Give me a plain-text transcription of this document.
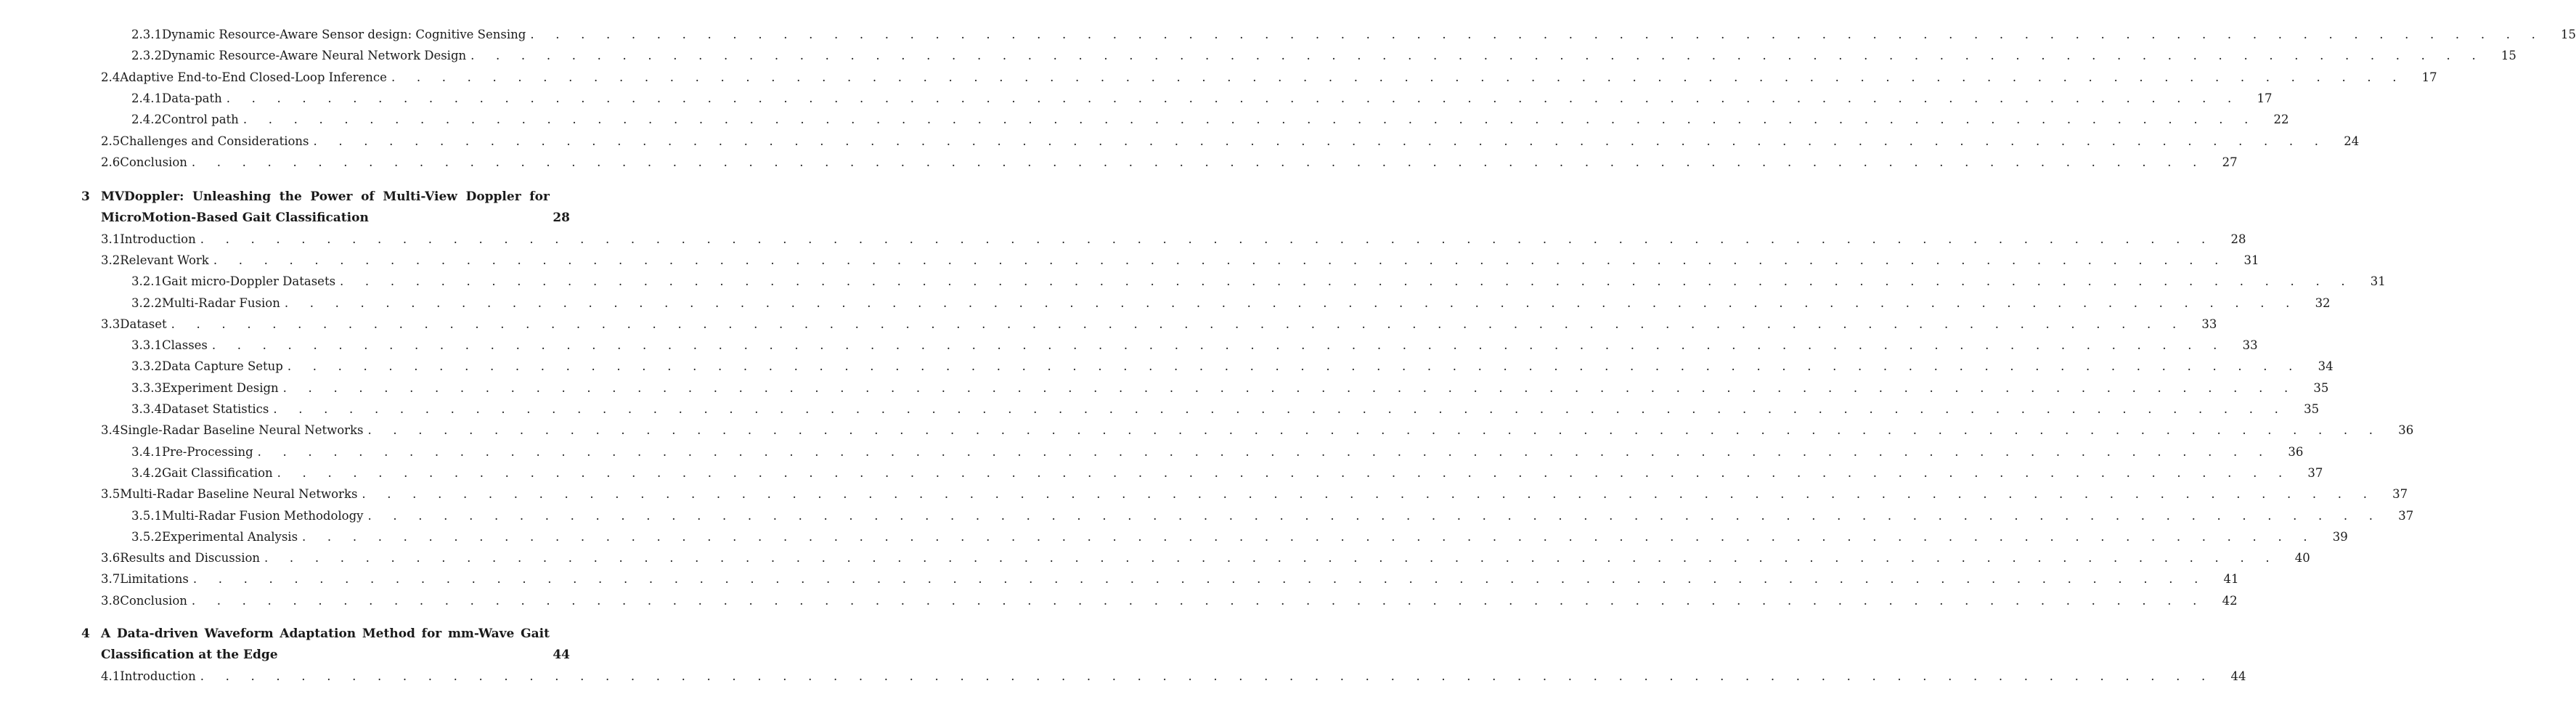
2.3.1 Dynamic Resource-Aware Sensor design: Cognitive Sensing . . . . . . . . . . . . . . . . . . . . . . . . . . . . . . . . . . . . . . . . . . . . . . . . . . . . . . . . . . . . . . . . . . . . . . . . . . . . . . . .	15
2.3.2 Dynamic Resource-Aware Neural Network Design . . . . . . . . . . . . . . . . . . . . . . . . . . . . . . . . . . . . . . . . . . . . . . . . . . . . . . . . . . . . . . . . . . . . . . . . . . . . . . . .	15
2.4 Adaptive End-to-End Closed-Loop Inference . . . . . . . . . . . . . . . . . . . . . . . . . . . . . . . . . . . . . . . . . . . . . . . . . . . . . . . . . . . . . . . . . . . . . . . . . . . . . . . .	17
2.4.1 Data-path . . . . . . . . . . . . . . . . . . . . . . . . . . . . . . . . . . . . . . . . . . . . . . . . . . . . . . . . . . . . . . . . . . . . . . . . . . . . . . . .	17
2.4.2 Control path . . . . . . . . . . . . . . . . . . . . . . . . . . . . . . . . . . . . . . . . . . . . . . . . . . . . . . . . . . . . . . . . . . . . . . . . . . . . . . . .	22
2.5 Challenges and Considerations . . . . . . . . . . . . . . . . . . . . . . . . . . . . . . . . . . . . . . . . . . . . . . . . . . . . . . . . . . . . . . . . . . . . . . . . . . . . . . . .	24
2.6 Conclusion . . . . . . . . . . . . . . . . . . . . . . . . . . . . . . . . . . . . . . . . . . . . . . . . . . . . . . . . . . . . . . . . . . . . . . . . . . . . . . . .	27
3 MVDoppler: Unleashing the Power of Multi-View Doppler for
MicroMotion-Based Gait Classification	28
3.1 Introduction . . . . . . . . . . . . . . . . . . . . . . . . . . . . . . . . . . . . . . . . . . . . . . . . . . . . . . . . . . . . . . . . . . . . . . . . . . . . . . . .	28
3.2 Relevant Work . . . . . . . . . . . . . . . . . . . . . . . . . . . . . . . . . . . . . . . . . . . . . . . . . . . . . . . . . . . . . . . . . . . . . . . . . . . . . . . .	31
3.2.1 Gait micro-Doppler Datasets . . . . . . . . . . . . . . . . . . . . . . . . . . . . . . . . . . . . . . . . . . . . . . . . . . . . . . . . . . . . . . . . . . . . . . . . . . . . . . . .	31
3.2.2 Multi-Radar Fusion . . . . . . . . . . . . . . . . . . . . . . . . . . . . . . . . . . . . . . . . . . . . . . . . . . . . . . . . . . . . . . . . . . . . . . . . . . . . . . . .	32
3.3 Dataset . . . . . . . . . . . . . . . . . . . . . . . . . . . . . . . . . . . . . . . . . . . . . . . . . . . . . . . . . . . . . . . . . . . . . . . . . . . . . . . .	33
3.3.1 Classes . . . . . . . . . . . . . . . . . . . . . . . . . . . . . . . . . . . . . . . . . . . . . . . . . . . . . . . . . . . . . . . . . . . . . . . . . . . . . . . .	33
3.3.2 Data Capture Setup . . . . . . . . . . . . . . . . . . . . . . . . . . . . . . . . . . . . . . . . . . . . . . . . . . . . . . . . . . . . . . . . . . . . . . . . . . . . . . . .	34
3.3.3 Experiment Design . . . . . . . . . . . . . . . . . . . . . . . . . . . . . . . . . . . . . . . . . . . . . . . . . . . . . . . . . . . . . . . . . . . . . . . . . . . . . . . .	35
3.3.4 Dataset Statistics . . . . . . . . . . . . . . . . . . . . . . . . . . . . . . . . . . . . . . . . . . . . . . . . . . . . . . . . . . . . . . . . . . . . . . . . . . . . . . . .	35
3.4 Single-Radar Baseline Neural Networks . . . . . . . . . . . . . . . . . . . . . . . . . . . . . . . . . . . . . . . . . . . . . . . . . . . . . . . . . . . . . . . . . . . . . . . . . . . . . . . .	36
3.4.1 Pre-Processing . . . . . . . . . . . . . . . . . . . . . . . . . . . . . . . . . . . . . . . . . . . . . . . . . . . . . . . . . . . . . . . . . . . . . . . . . . . . . . . .	36
3.4.2 Gait Classification . . . . . . . . . . . . . . . . . . . . . . . . . . . . . . . . . . . . . . . . . . . . . . . . . . . . . . . . . . . . . . . . . . . . . . . . . . . . . . . .	37
3.5 Multi-Radar Baseline Neural Networks . . . . . . . . . . . . . . . . . . . . . . . . . . . . . . . . . . . . . . . . . . . . . . . . . . . . . . . . . . . . . . . . . . . . . . . . . . . . . . . .	37
3.5.1 Multi-Radar Fusion Methodology . . . . . . . . . . . . . . . . . . . . . . . . . . . . . . . . . . . . . . . . . . . . . . . . . . . . . . . . . . . . . . . . . . . . . . . . . . . . . . . .	37
3.5.2 Experimental Analysis . . . . . . . . . . . . . . . . . . . . . . . . . . . . . . . . . . . . . . . . . . . . . . . . . . . . . . . . . . . . . . . . . . . . . . . . . . . . . . . .	39
3.6 Results and Discussion . . . . . . . . . . . . . . . . . . . . . . . . . . . . . . . . . . . . . . . . . . . . . . . . . . . . . . . . . . . . . . . . . . . . . . . . . . . . . . . .	40
3.7 Limitations . . . . . . . . . . . . . . . . . . . . . . . . . . . . . . . . . . . . . . . . . . . . . . . . . . . . . . . . . . . . . . . . . . . . . . . . . . . . . . . .	41
3.8 Conclusion . . . . . . . . . . . . . . . . . . . . . . . . . . . . . . . . . . . . . . . . . . . . . . . . . . . . . . . . . . . . . . . . . . . . . . . . . . . . . . . .	42
4 A Data-driven Waveform Adaptation Method for mm-Wave Gait
Classification at the Edge	44
4.1 Introduction . . . . . . . . . . . . . . . . . . . . . . . . . . . . . . . . . . . . . . . . . . . . . . . . . . . . . . . . . . . . . . . . . . . . . . . . . . . . . . . .	44
